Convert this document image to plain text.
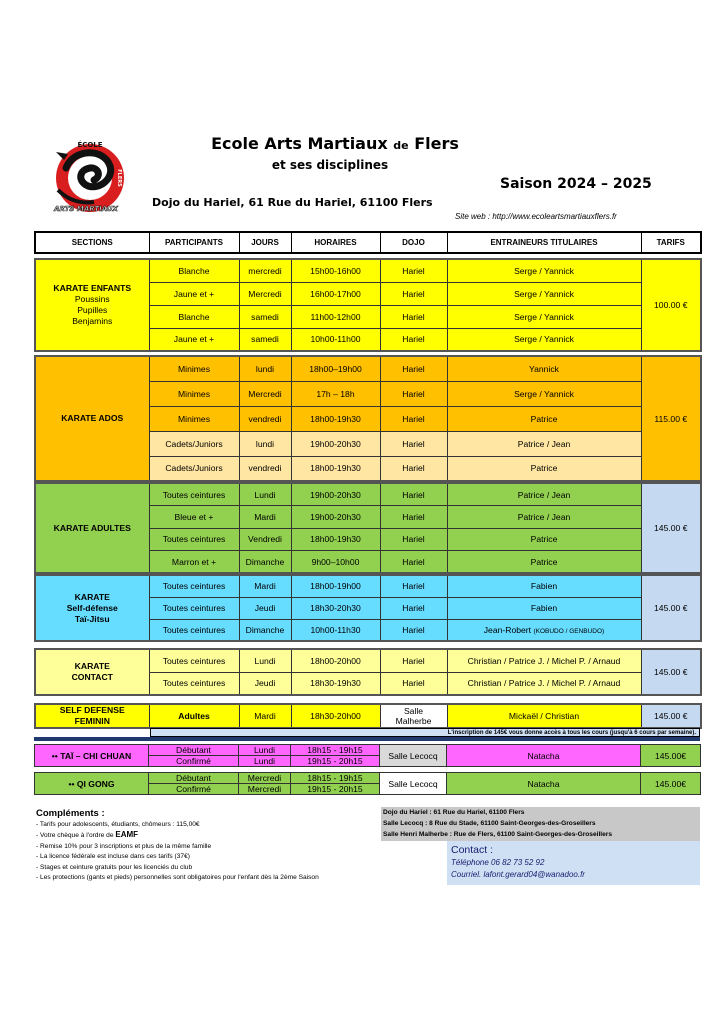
ÉCOLE
ARTS MARTIAUX
FLERS
Ecole Arts Martiaux de Flers
et ses disciplines
Saison 2024 – 2025
Dojo du Hariel, 61 Rue du Hariel, 61100 Flers
Site web : http://www.ecoleartsmartiauxflers.fr
SECTIONS	PARTICIPANTS	JOURS	HORAIRES	DOJO	ENTRAINEURS TITULAIRES	TARIFS
KARATE ENFANTS
Poussins
Pupilles
Benjamins	Blanche	mercredi	15h00-16h00	Hariel	Serge / Yannick	100.00 €
	Jaune et +	Mercredi	16h00-17h00	Hariel	Serge / Yannick	
	Blanche	samedi	11h00-12h00	Hariel	Serge / Yannick	
	Jaune et +	samedi	10h00-11h00	Hariel	Serge / Yannick	
KARATE ADOS	Minimes	lundi	18h00–19h00	Hariel	Yannick	115.00 €
	Minimes	Mercredi	17h – 18h	Hariel	Serge / Yannick	
	Minimes	vendredi	18h00-19h30	Hariel	Patrice	
	Cadets/Juniors	lundi	19h00-20h30	Hariel	Patrice / Jean	
	Cadets/Juniors	vendredi	18h00-19h30	Hariel	Patrice	
KARATE ADULTES	Toutes ceintures	Lundi	19h00-20h30	Hariel	Patrice / Jean	145.00 €
	Bleue et +	Mardi	19h00-20h30	Hariel	Patrice / Jean	
	Toutes ceintures	Vendredi	18h00-19h30	Hariel	Patrice	
	Marron et +	Dimanche	9h00–10h00	Hariel	Patrice	
KARATE
Self-défense
Taï-Jitsu	Toutes ceintures	Mardi	18h00-19h00	Hariel	Fabien	145.00 €
	Toutes ceintures	Jeudi	18h30-20h30	Hariel	Fabien	
	Toutes ceintures	Dimanche	10h00-11h30	Hariel	Jean-Robert (KOBUDO / GENBUDO)	
KARATE
CONTACT	Toutes ceintures	Lundi	18h00-20h00	Hariel	Christian / Patrice J. / Michel P. / Arnaud	145.00 €
	Toutes ceintures	Jeudi	18h30-19h30	Hariel	Christian / Patrice J. / Michel P. / Arnaud	
SELF DEFENSE
FEMININ	Adultes	Mardi	18h30-20h00	Salle
Malherbe	Mickaël / Christian	145.00 €
L'inscription de 145€ vous donne accès à tous les cours (jusqu'à 6 cours par semaine).
•• TAÏ – CHI CHUAN	Débutant	Lundi	18h15 - 19h15	Salle Lecocq	Natacha	145.00€
	Confirmé	Lundi	19h15 - 20h15			
•• QI GONG	Débutant	Mercredi	18h15 - 19h15	Salle Lecocq	Natacha	145.00€
	Confirmé	Mercredi	19h15 - 20h15			
Compléments :
- Tarifs pour adolescents, étudiants, chômeurs : 115,00€
- Votre chèque à l'ordre de EAMF
- Remise 10% pour 3 inscriptions et plus de la même famille
- La licence fédérale est incluse dans ces tarifs (37€)
- Stages et ceinture gratuits pour les licenciés du club
- Les protections (gants et pieds) personnelles sont obligatoires pour l'enfant dès la 2ème Saison
Dojo du Hariel : 61 Rue du Hariel, 61100 Flers
Salle Lecocq : 8 Rue du Stade, 61100 Saint-Georges-des-Groseillers
Salle Henri Malherbe : Rue de Flers, 61100 Saint-Georges-des-Groseillers
Contact :
Téléphone 06 82 73 52 92
Courriel. lafont.gerard04@wanadoo.fr
